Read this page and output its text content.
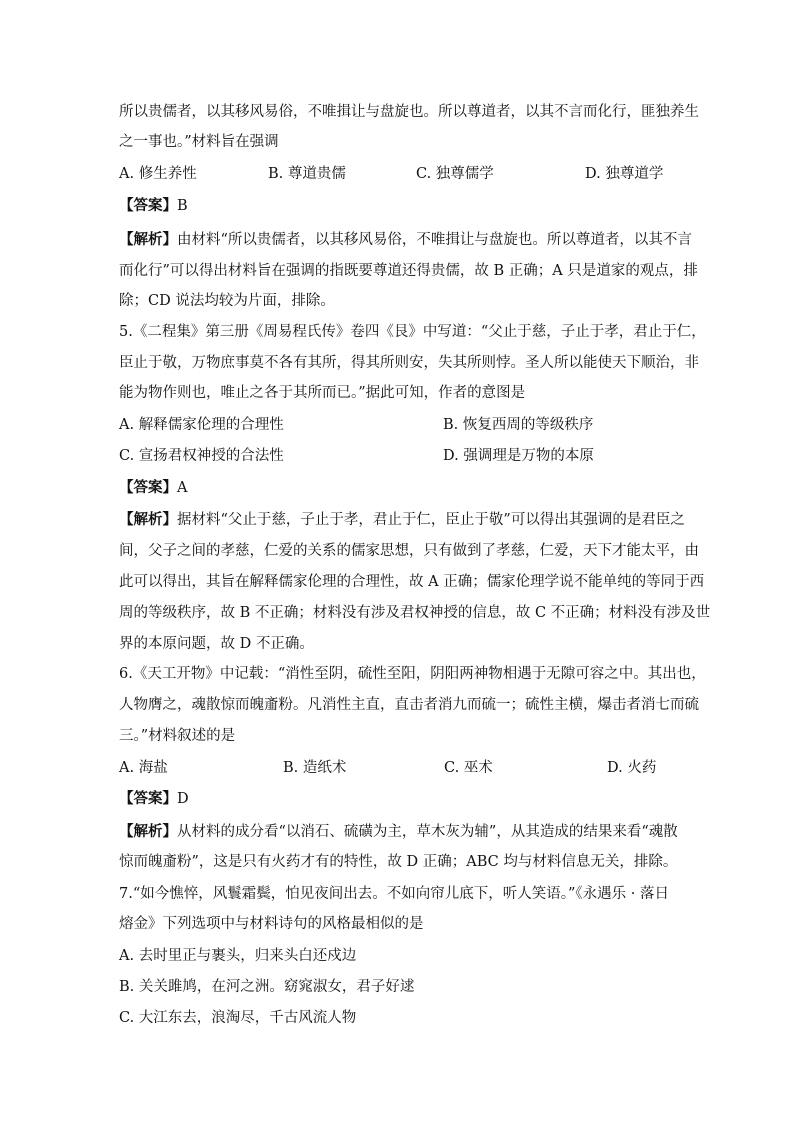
所以贵儒者，以其移风易俗，不唯揖让与盘旋也。所以尊道者，以其不言而化行，匪独养生
之一事也。”材料旨在强调
A. 修生养性	B. 尊道贵儒	C. 独尊儒学	D. 独尊道学
【答案】B
【解析】由材料“所以贵儒者，以其移风易俗，不唯揖让与盘旋也。所以尊道者，以其不言
而化行”可以得出材料旨在强调的指既要尊道还得贵儒，故 B 正确；A 只是道家的观点，排
除；CD 说法均较为片面，排除。
5.《二程集》第三册《周易程氏传》卷四《艮》中写道：“父止于慈，子止于孝，君止于仁，
臣止于敬，万物庶事莫不各有其所，得其所则安，失其所则悖。圣人所以能使天下顺治，非
能为物作则也，唯止之各于其所而已。”据此可知，作者的意图是
A. 解释儒家伦理的合理性	B. 恢复西周的等级秩序
C. 宣扬君权神授的合法性	D. 强调理是万物的本原
【答案】A
【解析】据材料“父止于慈，子止于孝，君止于仁，臣止于敬”可以得出其强调的是君臣之
间，父子之间的孝慈，仁爱的关系的儒家思想，只有做到了孝慈，仁爱，天下才能太平，由
此可以得出，其旨在解释儒家伦理的合理性，故 A 正确；儒家伦理学说不能单纯的等同于西
周的等级秩序，故 B 不正确；材料没有涉及君权神授的信息，故 C 不正确；材料没有涉及世
界的本原问题，故 D 不正确。
6.《天工开物》中记载：“消性至阴，硫性至阳，阴阳两神物相遇于无隙可容之中。其出也，
人物膺之，魂散惊而魄齑粉。凡消性主直，直击者消九而硫一；硫性主横，爆击者消七而硫
三。”材料叙述的是
A. 海盐	B. 造纸术	C. 巫术	D. 火药
【答案】D
【解析】从材料的成分看“以消石、硫磺为主，草木灰为辅”，从其造成的结果来看“魂散
惊而魄齑粉”，这是只有火药才有的特性，故 D 正确；ABC 均与材料信息无关，排除。
7.“如今憔悴，风鬟霜鬓，怕见夜间出去。不如向帘儿底下，听人笑语。”《永遇乐 · 落日
熔金》下列选项中与材料诗句的风格最相似的是
A. 去时里正与裹头，归来头白还戍边
B. 关关雎鸠，在河之洲。窈窕淑女，君子好逑
C. 大江东去，浪淘尽，千古风流人物
